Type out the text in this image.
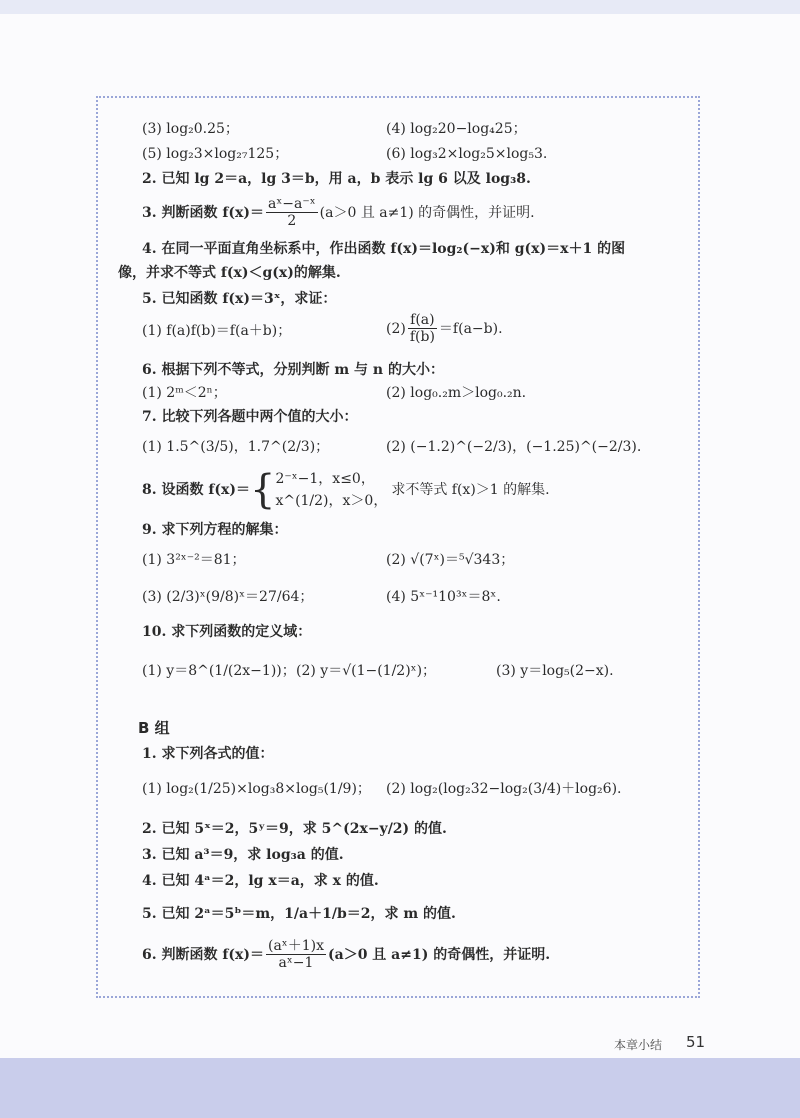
(3) log₂0.25；	(4) log₂20−log₄25；
(5) log₂3×log₂₇125；	(6) log₃2×log₂5×log₅3.
2. 已知 lg 2＝a，lg 3＝b，用 a，b 表示 lg 6 以及 log₃8.
3. 判断函数 $f(x)= \frac{\text{aˣ−a⁻ˣ}}{2} (a>0$ 且 a≠1) 的奇偶性，并证明.
4. 在同一平面直角坐标系中，作出函数 f(x)＝log₂(−x)和 g(x)＝x＋1 的图
像，并求不等式 f(x)＜g(x)的解集.
5. 已知函数 f(x)＝3ˣ，求证：
(1) f(a)f(b)＝f(a＋b)；	$(2) \frac{f(a)}{f(b)} =f(a-b)$.
6. 根据下列不等式，分别判断 m 与 n 的大小：
(1) 2ᵐ＜2ⁿ；	(2) log₀.₂m＞log₀.₂n.
7. 比较下列各题中两个值的大小：
(1) 1.5^(3/5)，1.7^(2/3)；	(2) (−1.2)^(−2/3)，(−1.25)^(−2/3).
8. 设函数 f(x)＝ { 2⁻ˣ−1，x≤0，
x^(1/2)，x＞0，
求不等式 f(x)＞1 的解集.
9. 求下列方程的解集：
(1) 3²ˣ⁻²＝81；	(2) √(7ˣ)＝⁵√343；
(3) (2/3)ˣ(9/8)ˣ＝27/64；	(4) 5ˣ⁻¹10³ˣ＝8ˣ.
10. 求下列函数的定义域：
(1) y＝8^(1/(2x−1))； (2) y＝√(1−(1/2)ˣ)；	(3) y＝log₅(2−x).
B 组
1. 求下列各式的值：
(1) log₂(1/25)×log₃8×log₅(1/9)； (2) log₂(log₂32−log₂(3/4)＋log₂6).
2. 已知 5ˣ＝2，5ʸ＝9，求 5^(2x−y/2) 的值.
3. 已知 a³＝9，求 log₃a 的值.
4. 已知 4ᵃ＝2，lg x＝a，求 x 的值.
5. 已知 2ᵃ＝5ᵇ＝m，1/a＋1/b＝2，求 m 的值.
6. 判断函数 $f(x)= \frac{\text{(aˣ＋1)x}}{\text{aˣ−1}} (a>0$ 且 a≠1) 的奇偶性，并证明.
本章小结 51
